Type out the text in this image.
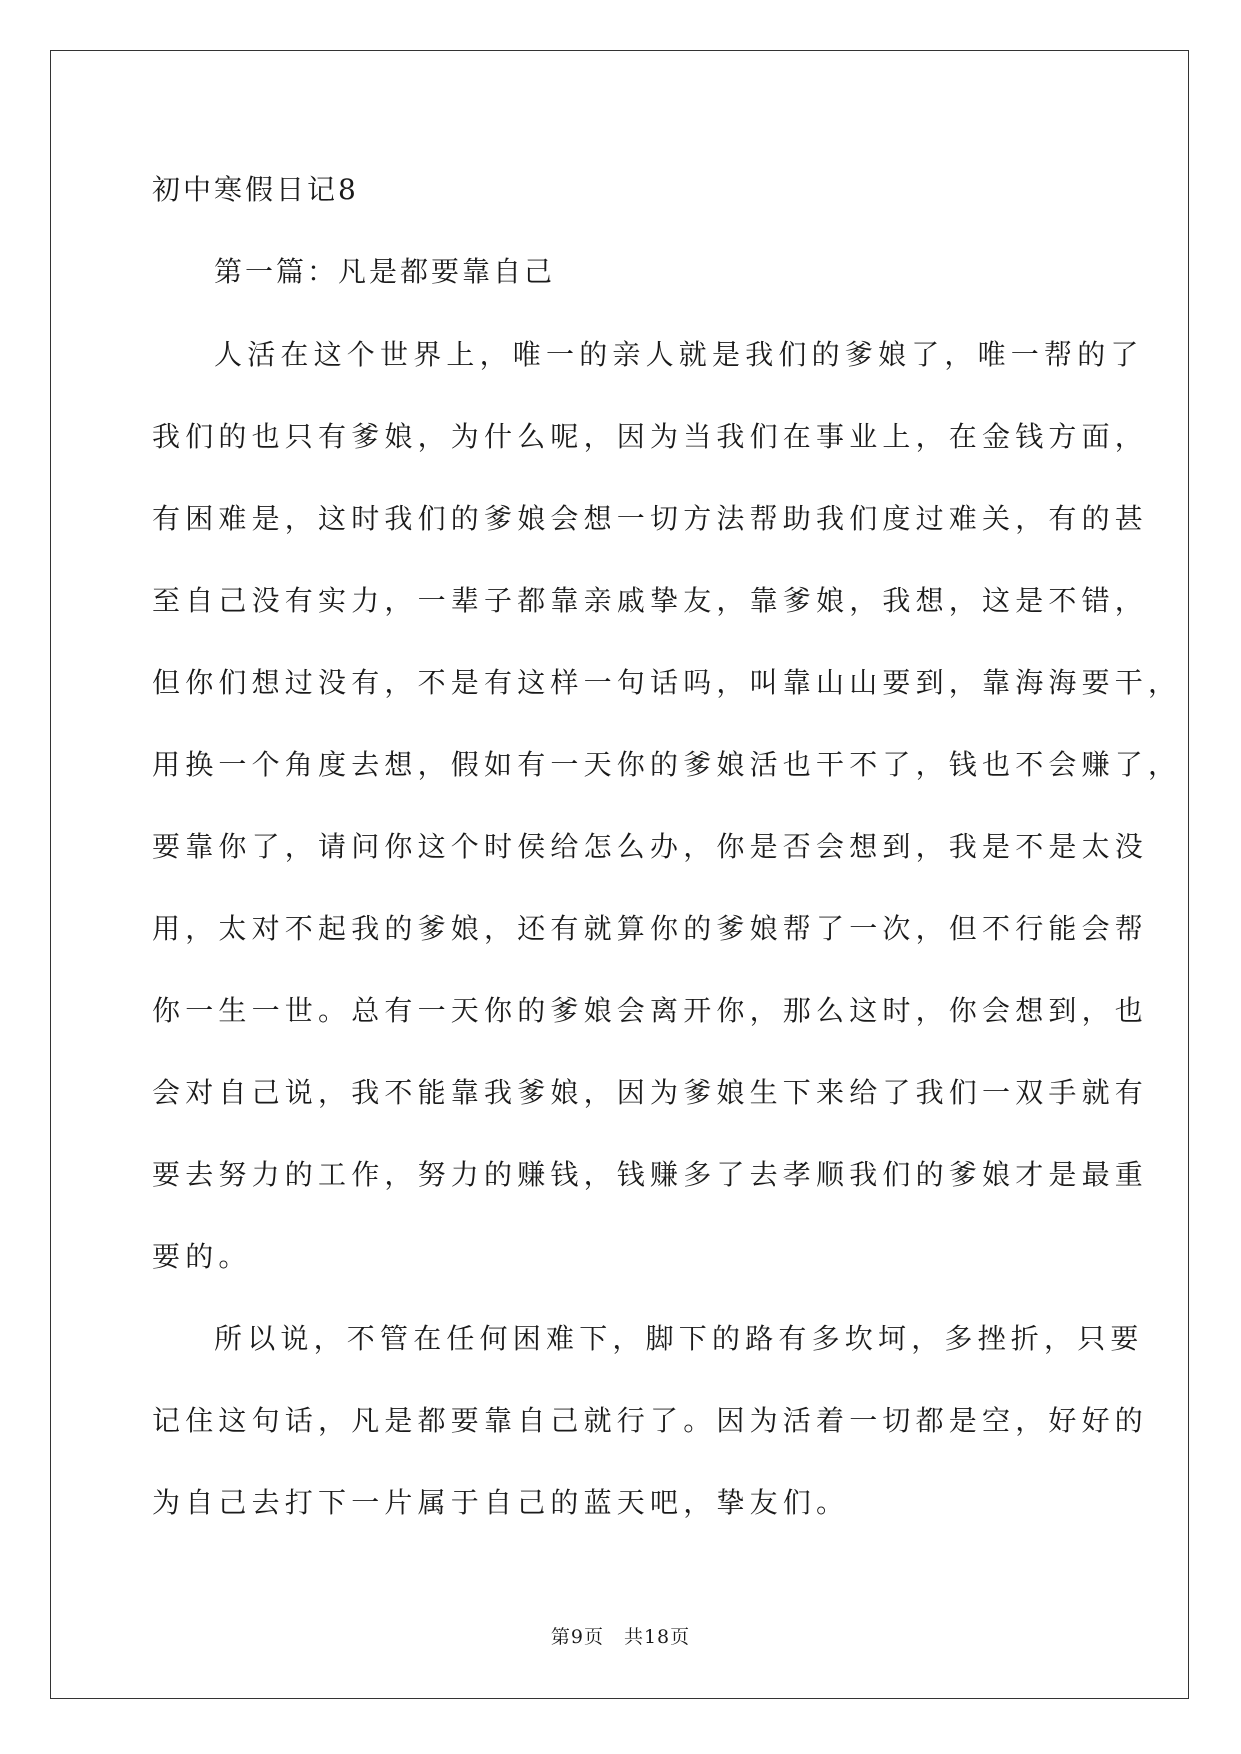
初中寒假日记8
第一篇：凡是都要靠自己
人活在这个世界上，唯一的亲人就是我们的爹娘了，唯一帮的了
我们的也只有爹娘，为什么呢，因为当我们在事业上，在金钱方面，
有困难是，这时我们的爹娘会想一切方法帮助我们度过难关，有的甚
至自己没有实力，一辈子都靠亲戚挚友，靠爹娘，我想，这是不错，
但你们想过没有，不是有这样一句话吗，叫靠山山要到，靠海海要干，
用换一个角度去想，假如有一天你的爹娘活也干不了，钱也不会赚了，
要靠你了，请问你这个时侯给怎么办，你是否会想到，我是不是太没
用，太对不起我的爹娘，还有就算你的爹娘帮了一次，但不行能会帮
你一生一世。总有一天你的爹娘会离开你，那么这时，你会想到，也
会对自己说，我不能靠我爹娘，因为爹娘生下来给了我们一双手就有
要去努力的工作，努力的赚钱，钱赚多了去孝顺我们的爹娘才是最重
要的。
所以说，不管在任何困难下，脚下的路有多坎坷，多挫折，只要
记住这句话，凡是都要靠自己就行了。因为活着一切都是空，好好的
为自己去打下一片属于自己的蓝天吧，挚友们。
第9页　共18页
